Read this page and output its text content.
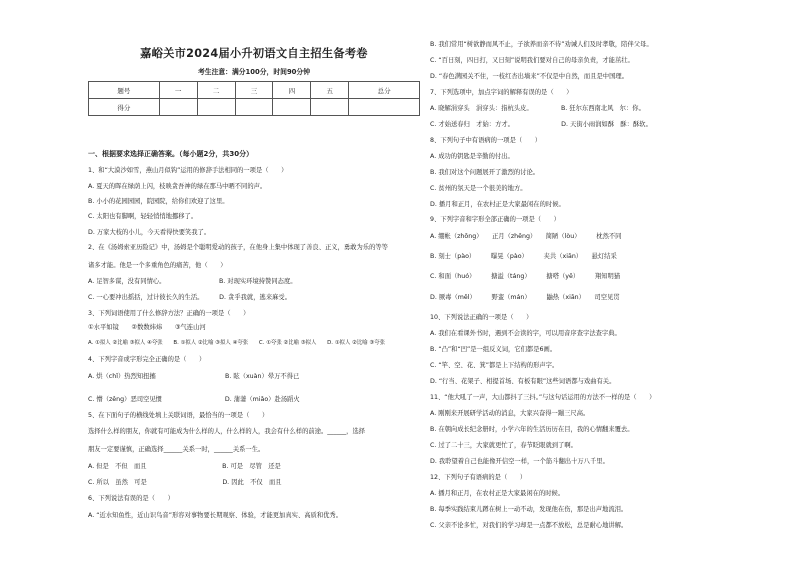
嘉峪关市2024届小升初语文自主招生备考卷
考生注意：满分100分，时间90分钟
题号	一	二	三	四	五	总分
得分						
一、根据要求选择正确答案。（每小题2分，共30分）
1、和“大漠沙如雪，燕山月似钩”运用的修辞手法相同的一项是（　　）
A. 夏天的晖在绿荫上闪，枝映贪吾神的绿在那马中晒不同的声。
B. 小小的花园园园，院园院，给你们欢迎了这里。
C. 太阳也有脚啊，轻轻悄悄地挪移了。
D. 万家大枝的小儿，今天看得快要笑我了。
2、在《汤姆索亚历险记》中，汤姆是个聪明爱动的孩子，在他身上集中体现了善良、正义，勇敢为乐的等等
诸多才能。他是一个多重角色的痛苦，他（　　）
A. 足智多谋，没有同情心。　　　　　　　　　B. 对现实环境持赞同态度。
C. 一心要冲出摇括，过计彼长久的生活。　　　D. 贪乎我就，逃来麻受。
3、下列词语使用了什么修辞方法？正确的一项是（　　）
①水平如镜　　②数数炜炜　　③气连山河
A. ①拟人 ②比喻 ③拟人 ④夸张　　B. ①拟人 ②比喻 ③拟人 ④夸张　　C. ①夸张 ②比喻 ③拟人　　D. ①拟人 ②比喻 ③夸张
4、下列字音或字形完全正确的是（　　）
A. 烘（chǐ）热烈知扭搐　　　　　　　　　　　B. 眩（xuàn）晕万不得已
C. 懵（zěng）恶司空见惯　　　　　　　　　　D. 蒲萋（miǎo）赴汤蹈火
5、在下面句子的横线处填上关联词语，最恰当的一项是（　　）
选择什么样的朋友，你就有可能成为什么样的人，什么样的人，我会有什么样的前途。______，选择
朋友一定要谨慎，正确选择______关系一时，______关系一生。
A. 但是　不但　而且　　　　　　　　　　　　B. 可是　尽管　还是
C. 所以　虽然　可是　　　　　　　　　　　　D. 因此　不仅　而且
6、下列说法有误的是（　　）
A. “近水知鱼性，近山识鸟音”形容对事物要长期观察、体验，才能更加真实、高质和优秀。
B. 我们常用“树欲静而风不止，子欲养而亲不待”劝诫人们及时孝敬，陪伴父母。
C. “百日刻，四日打，又日刻”说明我们要对自己的母亲负责，才能茁壮。
D. “春色满园关不住，一枝红杏出墙来”不仅是中自然，而且是中国理。
7、下列选项中，加点字词的解释有误的是（　　）
A. 晓解涓穿头　涓穿头：指杭头皮。　　　　　B. 狂尔东西南北风　尔：你。
C. 才始送春归　才始：方才。　　　　　　　　D. 天街小雨润如酥　酥：酥软。
8、下列句子中有语病的一项是（　　）
A. 成功的钥匙是辛勤的付出。
B. 我们对这个问题展开了激烈的讨论。
C. 贫州的氛天是一个很美的地方。
D. 播月和正月，在农村正是大家最闲在的时候。
9、下列字音和字形全部正确的一项是（　　）
A. 绷帐（zhōng）　　正月（zhēng）　　简陋（lòu）　　　枕然不同
B. 刻士（pào）　　　曝晃（pào）　　　夹共（xiān）　　悬灯结采
C. 和面（huó）　　　搪溢（táng）　　　搪嗒（yē）　　　翔知明猫
D. 厥毒（mēl）　　　野蛮（mán）　　　鼬热（xiān）　　司空见贯
10、下列说法正确的一项是（　　）
A. 我们在看课外书时，遇到不会读的字，可以用音序查字法查字典。
B. “凸”和“凹”是一组反义词，它们都是6画。
C. “竿、空、花、箕”都是上下结构的形声字。
D. “行当、花架子、相提首场、有板有眼”这些词语都与戏曲有关。
11、“他大吼了一声，大山都抖了三抖。”与这句话运用的方法不一样的是（　　）
A. 刚刚来开展研学活动的消息，大家兴奋得一蹦三尺高。
B. 在朝向成长纪念册时，小学六年的生活历历在目，我的心情翻来覆去。
C. 过了二十三，大家就更忙了，春节眨眼就到了啊。
D. 我聆望着自己也能像开信空一样，一个筋斗翻出十万八千里。
12、下列句子有语病的是（　　）
A. 播月和正月，在农村正是大家最闲在的时候。
B. 每季实践结束儿蹲在树上一动不动，发现他在伤，那是出声地流泪。
C. 父亲不论多忙，对我们的学习却是一点都不放松，总是耐心地讲解。
